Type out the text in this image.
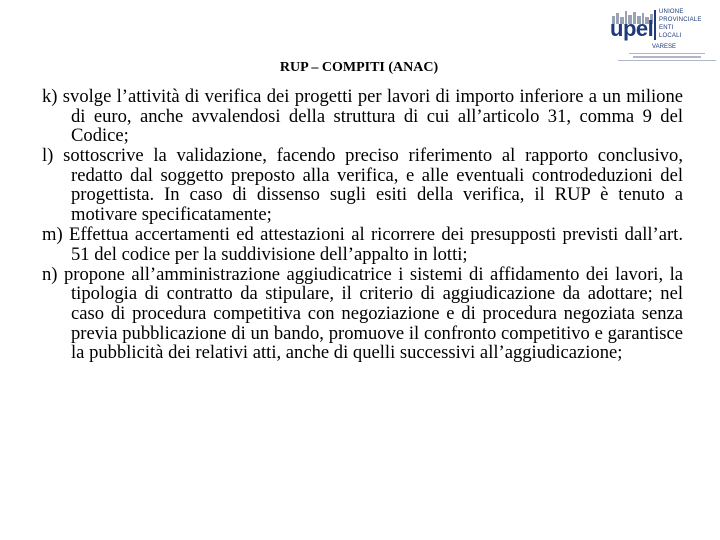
upel
UNIONE
PROVINCIALE
ENTI
LOCALI
VARESE
RUP – COMPITI (ANAC)

k) svolge l’attività di verifica dei progetti per lavori di importo inferiore a un milione di euro, anche avvalendosi della struttura di cui all’articolo 31, comma 9 del Codice;

l) sottoscrive la validazione, facendo preciso riferimento al rapporto conclusivo, redatto dal soggetto preposto alla verifica, e alle eventuali controdeduzioni del progettista. In caso di dissenso sugli esiti della verifica, il RUP è tenuto a motivare specificatamente;

m) Effettua accertamenti ed attestazioni al ricorrere dei presupposti previsti dall’art. 51 del codice per la suddivisione dell’appalto in lotti;

n) propone all’amministrazione aggiudicatrice i sistemi di affidamento dei lavori, la tipologia di contratto da stipulare, il criterio di aggiudicazione da adottare; nel caso di procedura competitiva con negoziazione e di procedura negoziata senza previa pubblicazione di un bando, promuove il confronto competitivo e garantisce la pubblicità dei relativi atti, anche di quelli successivi all’aggiudicazione;
